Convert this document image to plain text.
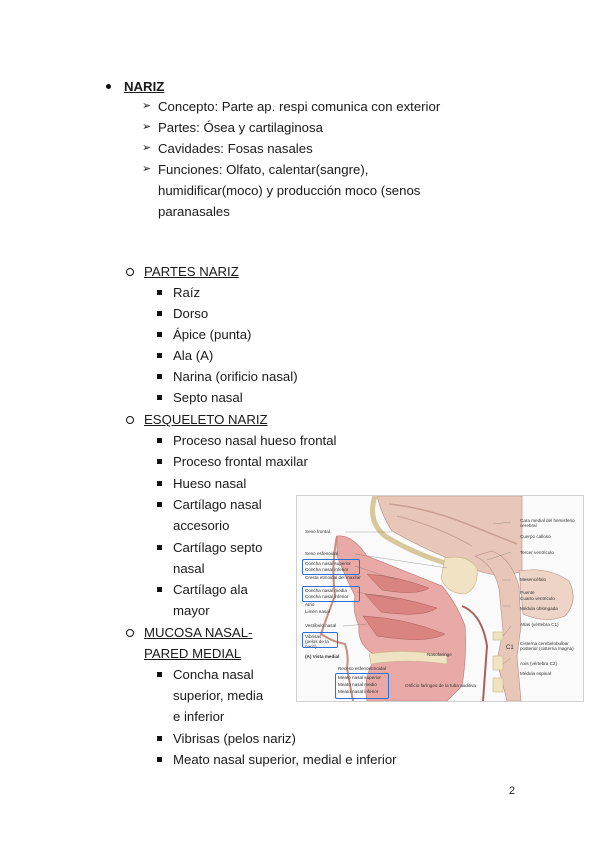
NARIZ
➢ Concepto: Parte ap. respi comunica con exterior
➢ Partes: Ósea y cartilaginosa
➢ Cavidades: Fosas nasales
➢ Funciones: Olfato, calentar(sangre),
humidificar(moco) y producción moco (senos
paranasales
PARTES NARIZ
Raíz
Dorso
Ápice (punta)
Ala (A)
Narina (orificio nasal)
Septo nasal
ESQUELETO NARIZ
Proceso nasal hueso frontal
Proceso frontal maxilar
Hueso nasal
Cartílago nasal
accesorio
Cartílago septo
nasal
Cartílago ala
mayor
MUCOSA NASAL-
PARED MEDIAL
Concha nasal
superior, media
e inferior
Vibrisas (pelos nariz)
Meato nasal superior, medial e inferior
Seno frontal
Seno esfenoidal
Concha nasal superior
Concha nasal inferior
Cresta etmoidal del maxilar
Concha nasal media
Concha nasal inferior
Atrio
Limen nasal
Vestíbulo nasal
Vibrisas (pelos de la nariz)
(A) Vista medial
Receso esfenoetmoidal
Meato nasal superior
Meato nasal medio
Meato nasal inferior
Nasofaringe
Orificio faríngeo de la tuba auditiva
Cara medial del hemisferio cerebral
Cuerpo calloso
Tercer ventrículo
Mesencéfalo
Puente
Cuarto ventrículo
Médula oblongada
Atlas (vértebra C1)
Cisterna cerebelobulbar posterior (cisterna magna)
Axis (vértebra C2)
Médula espinal
C1
2
